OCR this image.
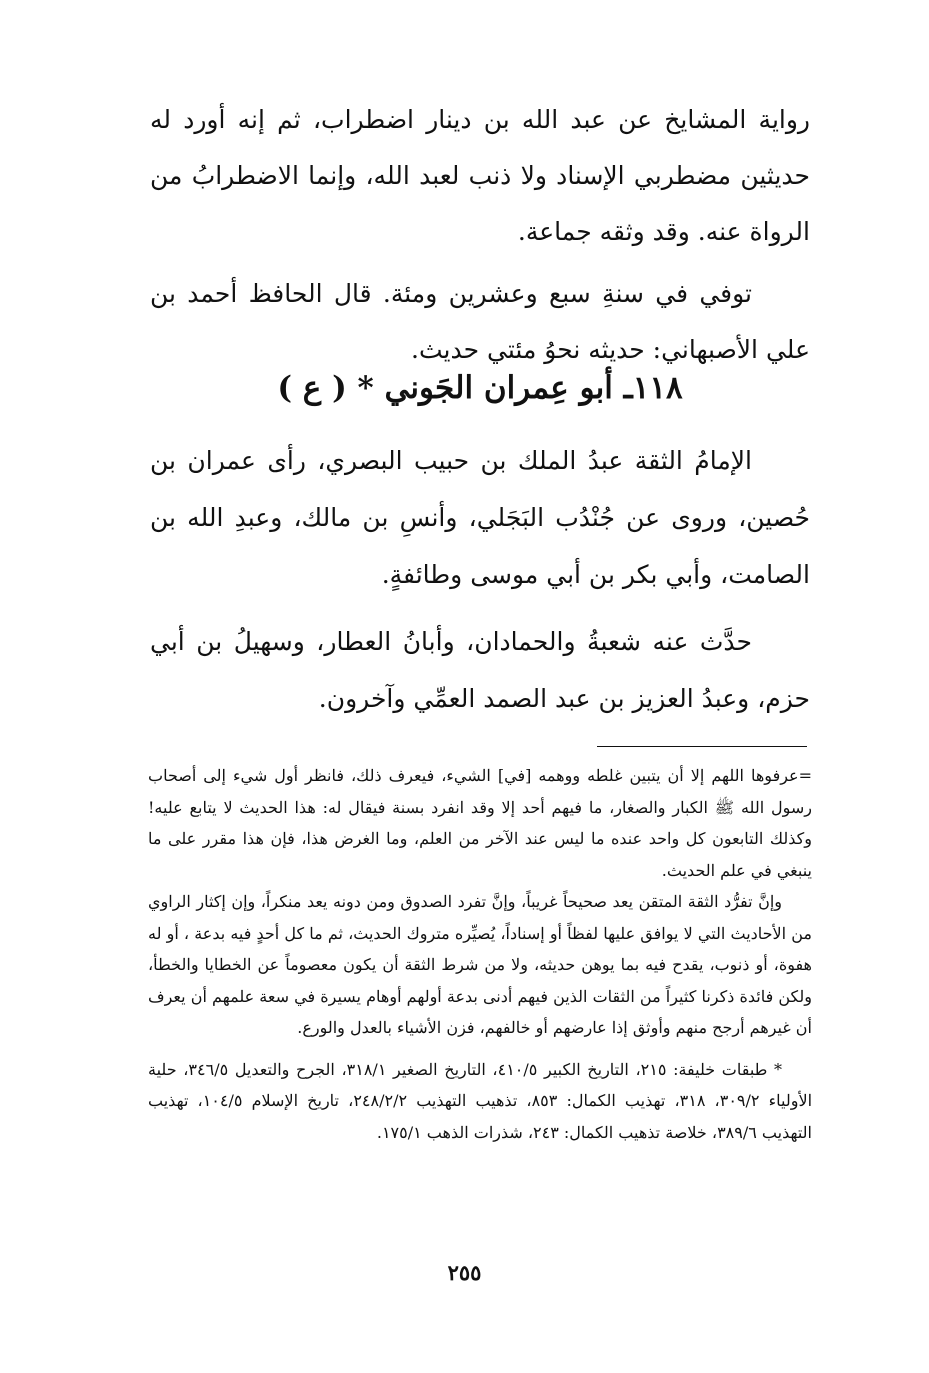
رواية المشايخ عن عبد الله بن دينار اضطراب، ثم إنه أورد له حديثين مضطربي الإسناد ولا ذنب لعبد الله، وإنما الاضطرابُ من الرواة عنه. وقد وثقه جماعة.

توفي في سنةِ سبع وعشرين ومئة. قال الحافظ أحمد بن علي الأصبهاني: حديثه نحوُ مئتي حديث.

١١٨ـ أبو عِمران الجَوني * ( ع )

الإمامُ الثقة عبدُ الملك بن حبيب البصري، رأى عمران بن حُصين، وروى عن جُنْدُب البَجَلي، وأنسِ بن مالك، وعبدِ الله بن الصامت، وأبي بكر بن أبي موسى وطائفةٍ.

حدَّث عنه شعبةُ والحمادان، وأبانُ العطار، وسهيلُ بن أبي حزم، وعبدُ العزيز بن عبد الصمد العمِّي وآخرون.

=عرفوها اللهم إلا أن يتبين غلطه ووهمه [في] الشيء، فيعرف ذلك، فانظر أول شيء إلى أصحاب رسول الله ﷺ الكبار والصغار، ما فيهم أحد إلا وقد انفرد بسنة فيقال له: هذا الحديث لا يتابع عليه! وكذلك التابعون كل واحد عنده ما ليس عند الآخر من العلم، وما الغرض هذا، فإن هذا مقرر على ما ينبغي في علم الحديث.

وإنَّ تفرُّد الثقة المتقن يعد صحيحاً غريباً، وإنَّ تفرد الصدوق ومن دونه يعد منكراً، وإن إكثار الراوي من الأحاديث التي لا يوافق عليها لفظاً أو إسناداً، يُصيِّره متروك الحديث، ثم ما كل أحدٍ فيه بدعة ، أو له هفوة، أو ذنوب، يقدح فيه بما يوهن حديثه، ولا من شرط الثقة أن يكون معصوماً عن الخطايا والخطأ، ولكن فائدة ذكرنا كثيراً من الثقات الذين فيهم أدنى بدعة أولهم أوهام يسيرة في سعة علمهم أن يعرف أن غيرهم أرجح منهم وأوثق إذا عارضهم أو خالفهم، فزن الأشياء بالعدل والورع.

* طبقات خليفة: ٢١٥، التاريخ الكبير ٤١٠/٥، التاريخ الصغير ٣١٨/١، الجرح والتعديل ٣٤٦/٥، حلية الأولياء ٣٠٩/٢، ٣١٨، تهذيب الكمال: ٨٥٣، تذهيب التهذيب ٢٤٨/٢/٢، تاريخ الإسلام ١٠٤/٥، تهذيب التهذيب ٣٨٩/٦، خلاصة تذهيب الكمال: ٢٤٣، شذرات الذهب ١٧٥/١.

٢٥٥
